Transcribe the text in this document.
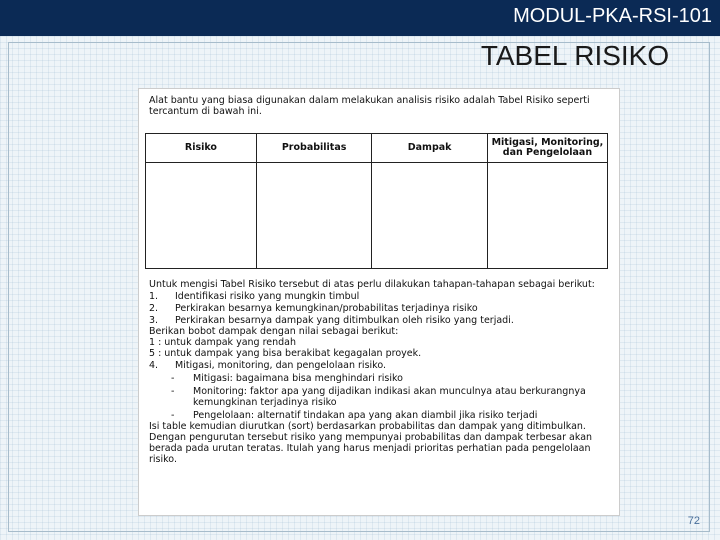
MODUL-PKA-RSI-101
TABEL RISIKO

Alat bantu yang biasa digunakan dalam melakukan analisis risiko adalah Tabel Risiko seperti tercantum di bawah ini.

Risiko	Probabilitas	Dampak	Mitigasi, Monitoring, dan Pengelolaan

Untuk mengisi Tabel Risiko tersebut di atas perlu dilakukan tahapan-tahapan sebagai berikut:

1.	Identifikasi risiko yang mungkin timbul
2.	Perkirakan besarnya kemungkinan/probabilitas terjadinya risiko
3.	Perkirakan besarnya dampak yang ditimbulkan oleh risiko yang terjadi.

Berikan bobot dampak dengan nilai sebagai berikut:

1 : untuk dampak yang rendah

5 : untuk dampak yang bisa berakibat kegagalan proyek.

4.	Mitigasi, monitoring, dan pengelolaan risiko.
-	Mitigasi: bagaimana bisa menghindari risiko
-	Monitoring: faktor apa yang dijadikan indikasi akan munculnya atau berkurangnya kemungkinan terjadinya risiko
-	Pengelolaan: alternatif tindakan apa yang akan diambil jika risiko terjadi

Isi table kemudian diurutkan (sort) berdasarkan probabilitas dan dampak yang ditimbulkan. Dengan pengurutan tersebut risiko yang mempunyai probabilitas dan dampak terbesar akan berada pada urutan teratas. Itulah yang harus menjadi prioritas perhatian pada pengelolaan risiko.

72
